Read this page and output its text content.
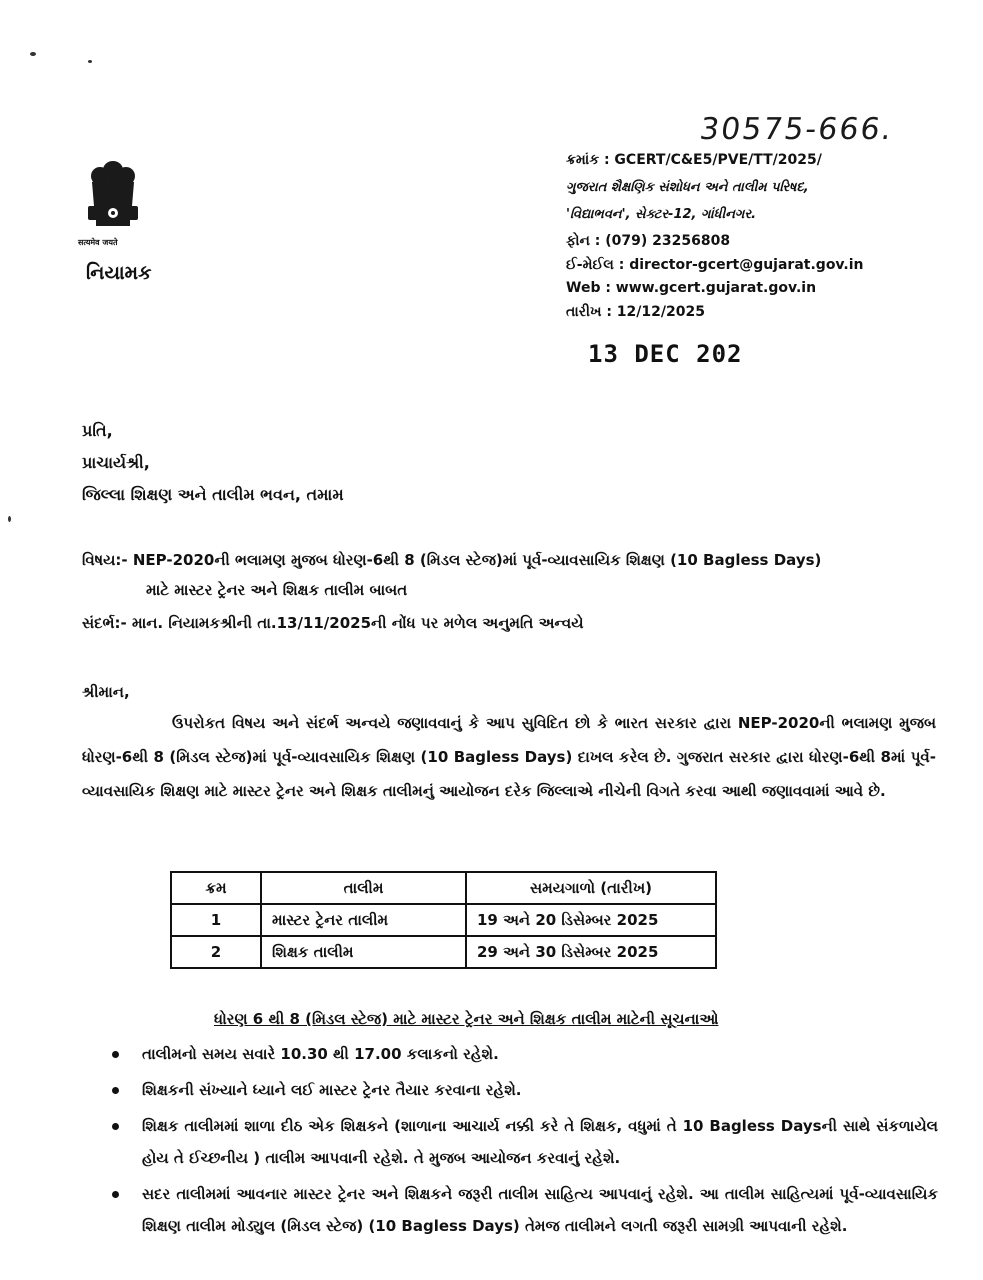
30575-666.
सत्यमेव जयते
નિયામક
ક્રમાંક : GCERT/C&E5/PVE/TT/2025/
ગુજરાત શૈક્ષણિક સંશોધન અને તાલીમ પરિષદ,
'વિદ્યાભવન', સેક્ટર-12, ગાંધીનગર.
ફોન : (079) 23256808
ઈ-મેઈલ : director-gcert@gujarat.gov.in
Web : www.gcert.gujarat.gov.in
તારીખ : 12/12/2025
13 DEC 202
પ્રતિ,
પ્રાચાર્યશ્રી,
જિલ્લા શિક્ષણ અને તાલીમ ભવન, તમામ
વિષય:- NEP-2020ની ભલામણ મુજબ ધોરણ-6થી 8 (મિડલ સ્ટેજ)માં પૂર્વ-વ્યાવસાયિક શિક્ષણ (10 Bagless Days)
માટે માસ્ટર ટ્રેનર અને શિક્ષક તાલીમ બાબત
સંદર્ભ:- માન. નિયામકશ્રીની તા.13/11/2025ની નોંધ પર મળેલ અનુમતિ અન્વયે
શ્રીમાન,
ઉપરોકત વિષય અને સંદર્ભ અન્વયે જણાવવાનું કે આપ સુવિદિત છો કે ભારત સરકાર દ્વારા NEP-2020ની ભલામણ મુજબ ધોરણ-6થી 8 (મિડલ સ્ટેજ)માં પૂર્વ-વ્યાવસાયિક શિક્ષણ (10 Bagless Days) દાખલ કરેલ છે. ગુજરાત સરકાર દ્વારા ધોરણ-6થી 8માં પૂર્વ-વ્યાવસાયિક શિક્ષણ માટે માસ્ટર ટ્રેનર અને શિક્ષક તાલીમનું આયોજન દરેક જિલ્લાએ નીચેની વિગતે કરવા આથી જણાવવામાં આવે છે.
ક્રમ	તાલીમ	સમયગાળો (તારીખ)
1	માસ્ટર ટ્રેનર તાલીમ	19 અને 20 ડિસેમ્બર 2025
2	શિક્ષક તાલીમ	29 અને 30 ડિસેમ્બર 2025
ધોરણ 6 થી 8 (મિડલ સ્ટેજ) માટે માસ્ટર ટ્રેનર અને શિક્ષક તાલીમ માટેની સૂચનાઓ
તાલીમનો સમય સવારે 10.30 થી 17.00 કલાકનો રહેશે.
શિક્ષકની સંખ્યાને ધ્યાને લઈ માસ્ટર ટ્રેનર તૈયાર કરવાના રહેશે.
શિક્ષક તાલીમમાં શાળા દીઠ એક શિક્ષકને (શાળાના આચાર્ય નક્કી કરે તે શિક્ષક, વધુમાં તે 10 Bagless Daysની સાથે સંકળાયેલ હોય તે ઈચ્છનીય ) તાલીમ આપવાની રહેશે. તે મુજબ આયોજન કરવાનું રહેશે.
સદર તાલીમમાં આવનાર માસ્ટર ટ્રેનર અને શિક્ષકને જરૂરી તાલીમ સાહિત્ય આપવાનું રહેશે. આ તાલીમ સાહિત્યમાં પૂર્વ-વ્યાવસાયિક શિક્ષણ તાલીમ મોડ્યુલ (મિડલ સ્ટેજ) (10 Bagless Days) તેમજ તાલીમને લગતી જરૂરી સામગ્રી આપવાની રહેશે.
